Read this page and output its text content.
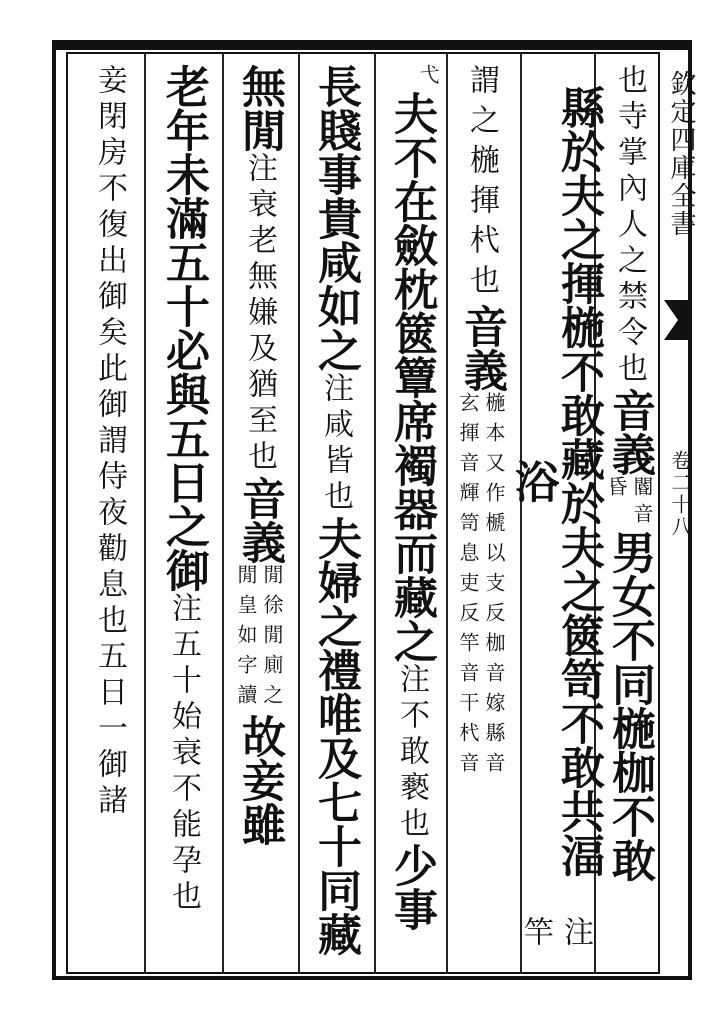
欽定四庫全書
卷二十八
也寺掌內人之禁令也
音義
閽音
昏
男女不同椸枷不敢
縣於夫之揮椸不敢藏於夫之篋笥不敢共湢浴
注竿
謂之椸揮杙也
音義
椸本又作榹以支反枷音嫁縣音
玄揮音輝笥息吏反竿音干杙音
弋
夫不在斂枕篋簟席襡器而藏之
注不敢褻也
少事
長賤事貴咸如之
注咸皆也
夫婦之禮唯及七十同藏
無閒
注衰老無嫌及猶至也
音義
閒徐閒廁之
閒皇如字讀
故妾雖
老年未滿五十必與五日之御
注五十始衰不能孕也
妾閉房不復出御矣此御謂侍夜勸息也五日一御諸
